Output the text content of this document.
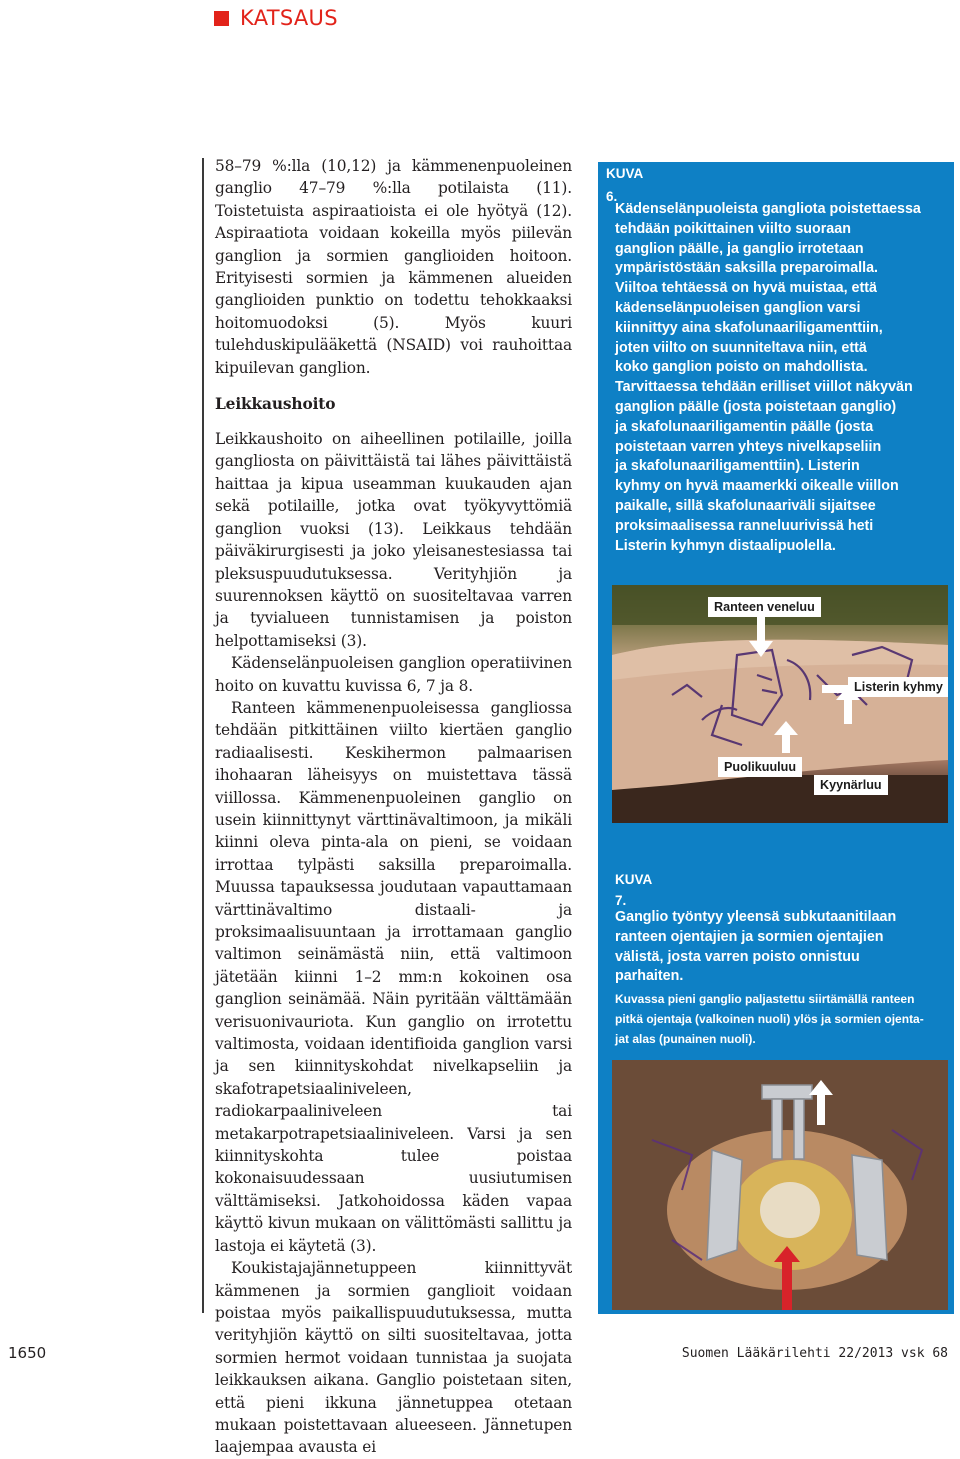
KATSAUS

58–79 %:lla (10,12) ja kämmenenpuoleinen ganglio 47–79 %:lla potilaista (11). Toistetuista aspiraatioista ei ole hyötyä (12). Aspiraatiota voidaan kokeilla myös piilevän ganglion ja sormien ganglioiden hoitoon. Erityisesti sormien ja kämmenen alueiden ganglioiden punktio on todettu tehokkaaksi hoitomuodoksi (5). Myös kuuri tulehduskipulääkettä (NSAID) voi rauhoittaa kipuilevan ganglion.

Leikkaushoito

Leikkaushoito on aiheellinen potilaille, joilla gangliosta on päivittäistä tai lähes päivittäistä haittaa ja kipua useamman kuukauden ajan sekä potilaille, jotka ovat työkyvyttömiä ganglion vuoksi (13). Leikkaus tehdään päiväkirurgisesti ja joko yleisanestesiassa tai pleksuspuudutuksessa. Verityhjiön ja suurennoksen käyttö on suositeltavaa varren ja tyvialueen tunnistamisen ja poiston helpottamiseksi (3).

Kädenselänpuoleisen ganglion operatiivinen hoito on kuvattu kuvissa 6, 7 ja 8.

Ranteen kämmenenpuoleisessa gangliossa tehdään pitkittäinen viilto kiertäen ganglio radiaalisesti. Keskihermon palmaarisen ihohaaran läheisyys on muistettava tässä viillossa. Kämmenenpuoleinen ganglio on usein kiinnittynyt värttinävaltimoon, ja mikäli kiinni oleva pinta-ala on pieni, se voidaan irrottaa tylpästi saksilla preparoimalla. Muussa tapauksessa joudutaan vapauttamaan värttinävaltimo distaali- ja proksimaalisuuntaan ja irrottamaan ganglio valtimon seinämästä niin, että valtimoon jätetään kiinni 1–2 mm:n kokoinen osa ganglion seinämää. Näin pyritään välttämään verisuonivauriota. Kun ganglio on irrotettu valtimosta, voidaan identifioida ganglion varsi ja sen kiinnityskohdat nivelkapseliin ja skafotrapetsiaaliniveleen, radiokarpaaliniveleen tai metakarpotrapetsiaaliniveleen. Varsi ja sen kiinnityskohta tulee poistaa kokonaisuudessaan uusiutumisen välttämiseksi. Jatkohoidossa käden vapaa käyttö kivun mukaan on välittömästi sallittu ja lastoja ei käytetä (3).

Koukistajajännetuppeen kiinnittyvät kämmenen ja sormien ganglioit voidaan poistaa myös paikallispuudutuksessa, mutta verityhjiön käyttö on silti suositeltavaa, jotta sormien hermot voidaan tunnistaa ja suojata leikkauksen aikana. Ganglio poistetaan siten, että pieni ikkuna jännetuppea otetaan mukaan poistettavaan alueeseen. Jännetupen laajempaa avausta ei

KUVA 6.
Kädenselänpuoleista gangliota poistettaessa
tehdään poikittainen viilto suoraan
ganglion päälle, ja ganglio irrotetaan
ympäristöstään saksilla preparoimalla.
Viiltoa tehtäessä on hyvä muistaa, että
kädenselänpuoleisen ganglion varsi
kiinnittyy aina skafolunaariligamenttiin,
joten viilto on suunniteltava niin, että
koko ganglion poisto on mahdollista.
Tarvittaessa tehdään erilliset viillot näkyvän
ganglion päälle (josta poistetaan ganglio)
ja skafolunaariligamentin päälle (josta
poistetaan varren yhteys nivelkapseliin
ja skafolunaariligamenttiin). Listerin
kyhmy on hyvä maamerkki oikealle viillon
paikalle, sillä skafolunaariväli sijaitsee
proksimaalisessa ranneluurivissä heti
Listerin kyhmyn distaalipuolella.
Ranteen veneluu
Listerin kyhmy
Puolikuuluu
Kyynärluu
KUVA 7.
Ganglio työntyy yleensä subkutaanitilaan
ranteen ojentajien ja sormien ojentajien
välistä, josta varren poisto onnistuu
parhaiten.
Kuvassa pieni ganglio paljastettu siirtämällä ranteen
pitkä ojentaja (valkoinen nuoli) ylös ja sormien ojenta-
jat alas (punainen nuoli).
1650	Suomen Lääkärilehti 22/2013 vsk 68
